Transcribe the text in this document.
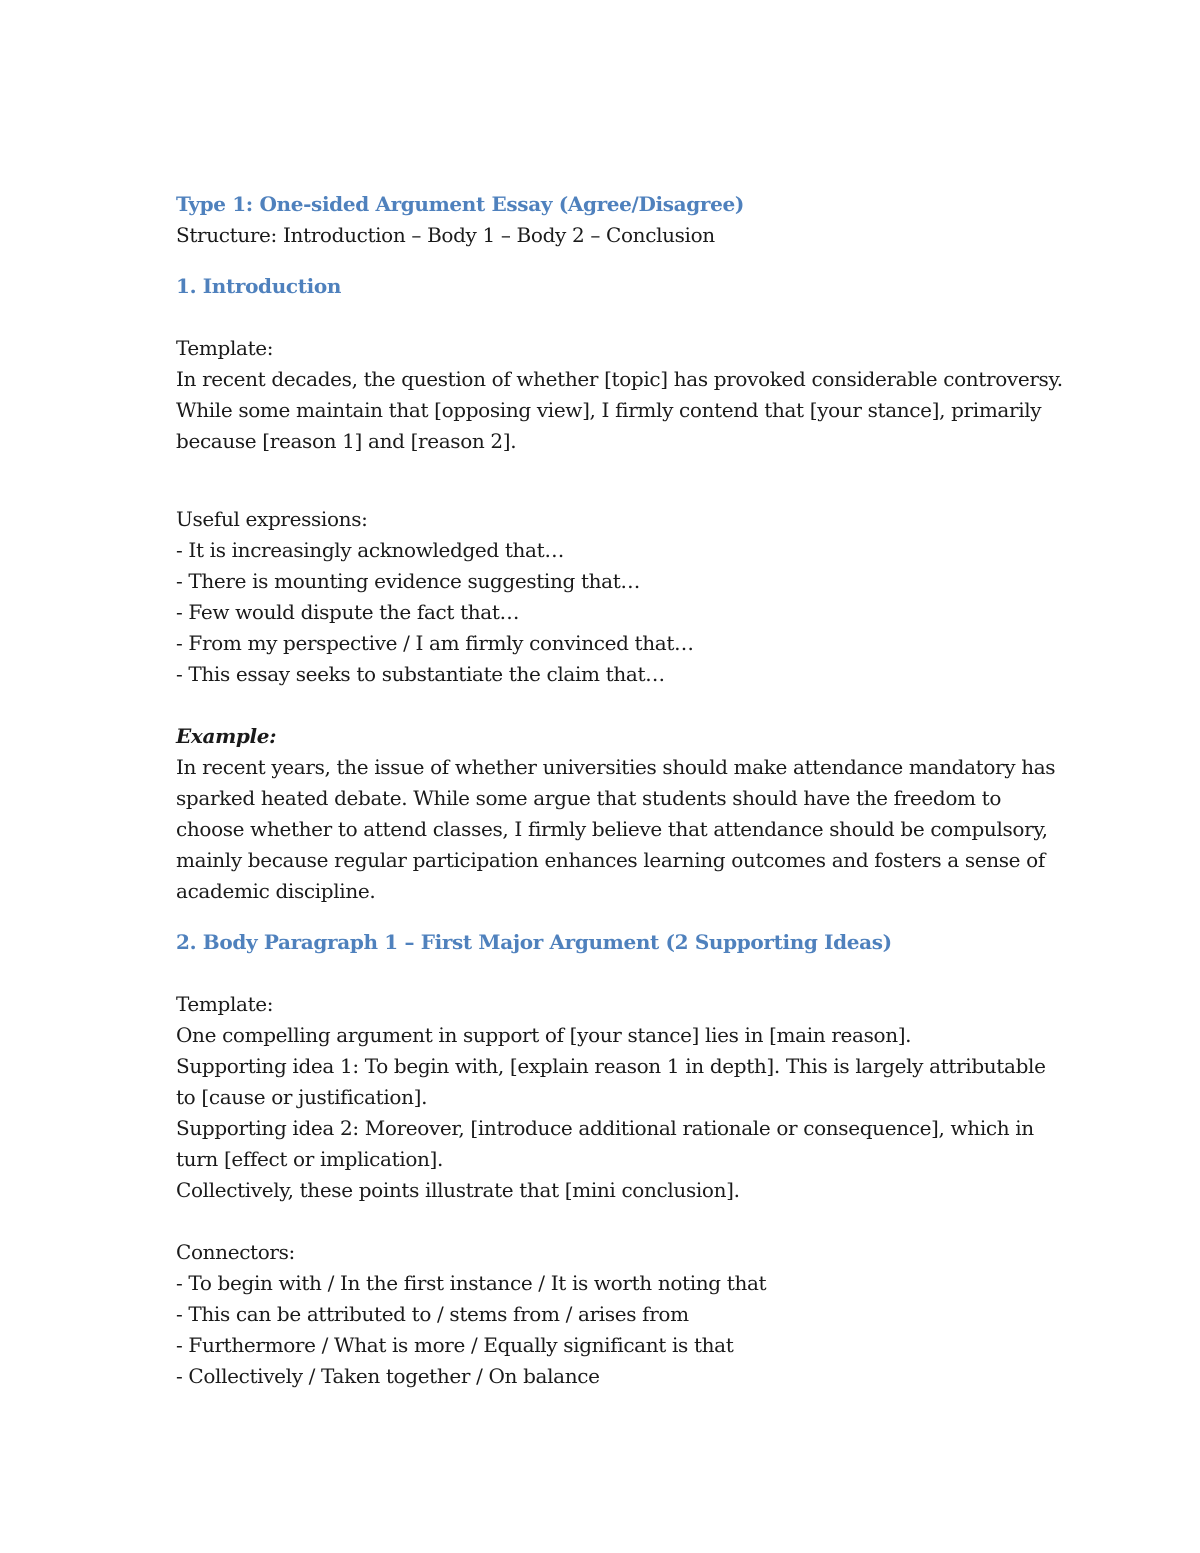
Type 1: One-sided Argument Essay (Agree/Disagree)
Structure: Introduction – Body 1 – Body 2 – Conclusion
1. Introduction
Template:
In recent decades, the question of whether [topic] has provoked considerable controversy.
While some maintain that [opposing view], I firmly contend that [your stance], primarily
because [reason 1] and [reason 2].
Useful expressions:
- It is increasingly acknowledged that…
- There is mounting evidence suggesting that…
- Few would dispute the fact that…
- From my perspective / I am firmly convinced that…
- This essay seeks to substantiate the claim that…
Example:
In recent years, the issue of whether universities should make attendance mandatory has
sparked heated debate. While some argue that students should have the freedom to
choose whether to attend classes, I firmly believe that attendance should be compulsory,
mainly because regular participation enhances learning outcomes and fosters a sense of
academic discipline.
2. Body Paragraph 1 – First Major Argument (2 Supporting Ideas)
Template:
One compelling argument in support of [your stance] lies in [main reason].
Supporting idea 1: To begin with, [explain reason 1 in depth]. This is largely attributable
to [cause or justification].
Supporting idea 2: Moreover, [introduce additional rationale or consequence], which in
turn [effect or implication].
Collectively, these points illustrate that [mini conclusion].
Connectors:
- To begin with / In the first instance / It is worth noting that
- This can be attributed to / stems from / arises from
- Furthermore / What is more / Equally significant is that
- Collectively / Taken together / On balance
